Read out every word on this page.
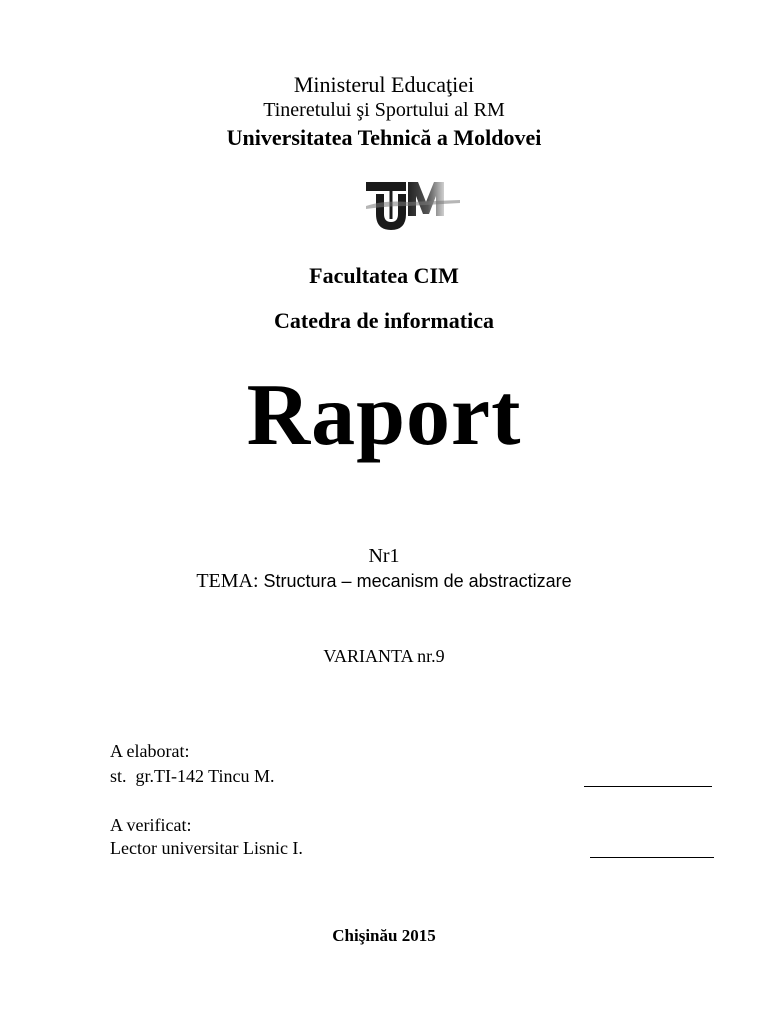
Ministerul Educaţiei
Tineretului şi Sportului al RM
Universitatea Tehnică a Moldovei
Facultatea CIM
Catedra de informatica
Raport
Nr1
TEMA: Structura – mecanism de abstractizare
VARIANTA nr.9
A elaborat:
st.  gr.TI-142 Tincu M.
A verificat:
Lector universitar Lisnic I.
Chişinău 2015
